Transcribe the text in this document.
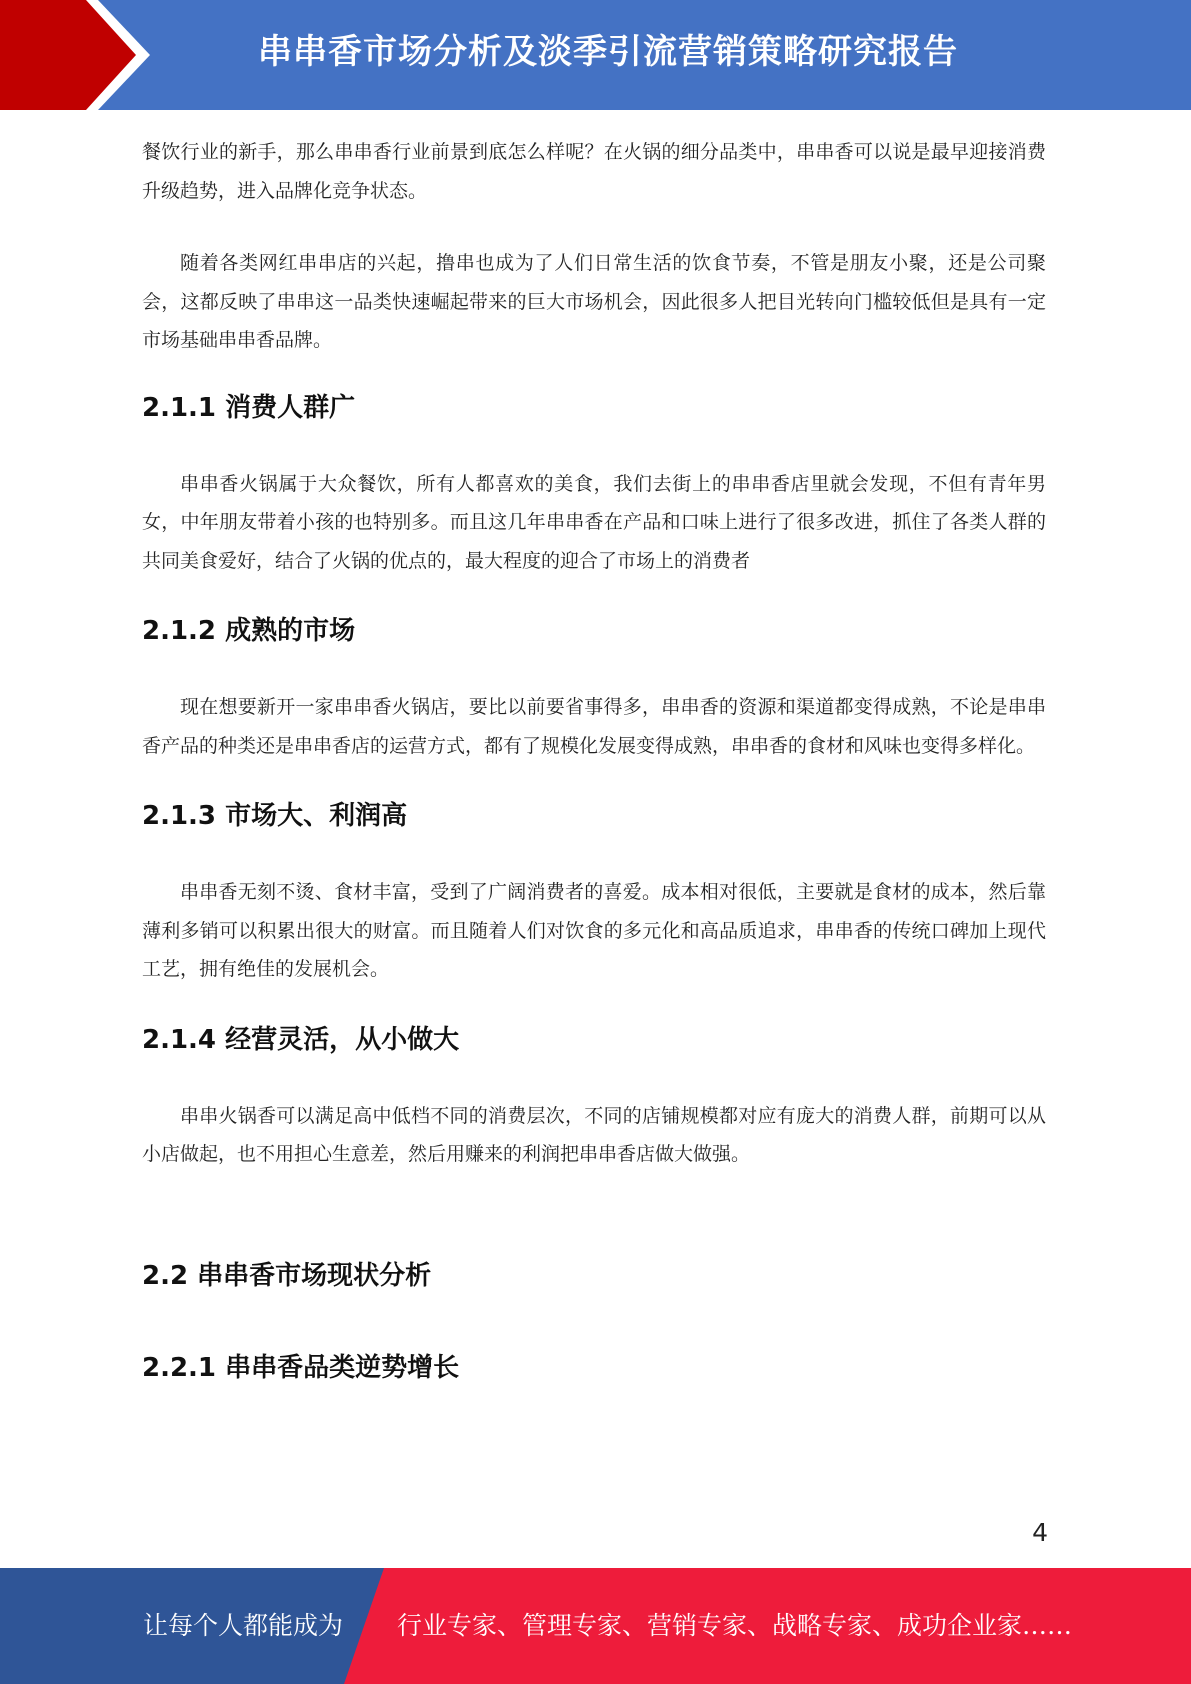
串串香市场分析及淡季引流营销策略研究报告

餐饮行业的新手，那么串串香行业前景到底怎么样呢？在火锅的细分品类中，串串香可以说是最早迎接消费升级趋势，进入品牌化竞争状态。

随着各类网红串串店的兴起，撸串也成为了人们日常生活的饮食节奏，不管是朋友小聚，还是公司聚会，这都反映了串串这一品类快速崛起带来的巨大市场机会，因此很多人把目光转向门槛较低但是具有一定市场基础串串香品牌。

2.1.1 消费人群广

串串香火锅属于大众餐饮，所有人都喜欢的美食，我们去街上的串串香店里就会发现，不但有青年男女，中年朋友带着小孩的也特别多。而且这几年串串香在产品和口味上进行了很多改进，抓住了各类人群的共同美食爱好，结合了火锅的优点的，最大程度的迎合了市场上的消费者

2.1.2 成熟的市场

现在想要新开一家串串香火锅店，要比以前要省事得多，串串香的资源和渠道都变得成熟，不论是串串香产品的种类还是串串香店的运营方式，都有了规模化发展变得成熟，串串香的食材和风味也变得多样化。

2.1.3 市场大、利润高

串串香无刻不烫、食材丰富，受到了广阔消费者的喜爱。成本相对很低，主要就是食材的成本，然后靠薄利多销可以积累出很大的财富。而且随着人们对饮食的多元化和高品质追求，串串香的传统口碑加上现代工艺，拥有绝佳的发展机会。

2.1.4 经营灵活，从小做大

串串火锅香可以满足高中低档不同的消费层次，不同的店铺规模都对应有庞大的消费人群，前期可以从小店做起，也不用担心生意差，然后用赚来的利润把串串香店做大做强。

2.2 串串香市场现状分析
2.2.1 串串香品类逆势增长
4
让每个人都能成为 行业专家、管理专家、营销专家、战略专家、成功企业家……
